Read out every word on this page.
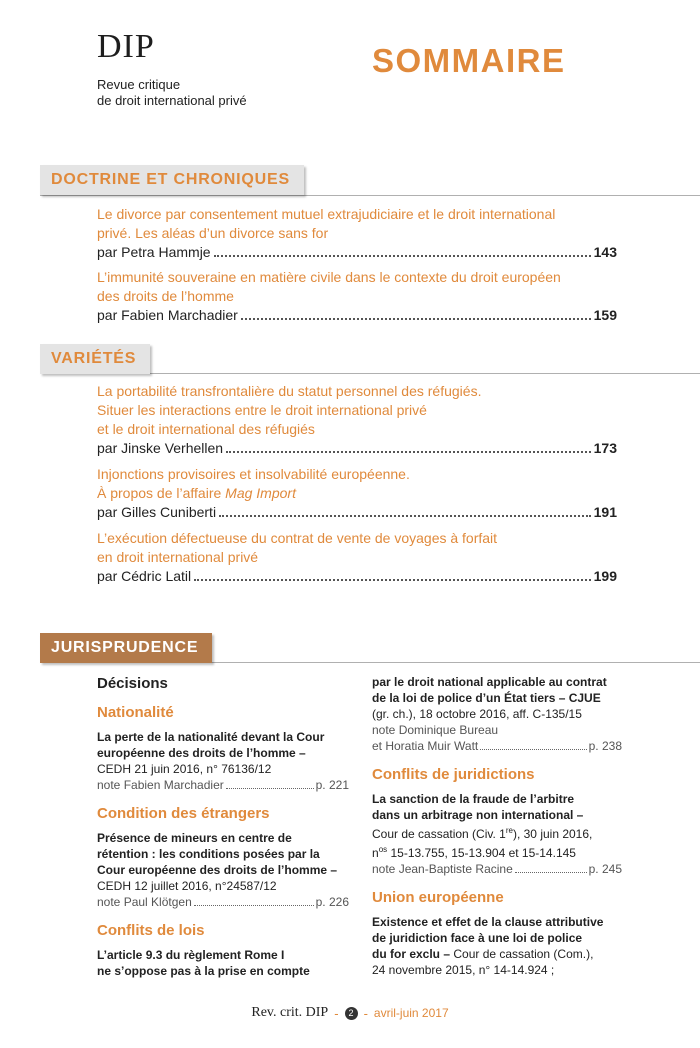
DIP
Revue critique
de droit international privé
SOMMAIRE
DOCTRINE ET CHRONIQUES
Le divorce par consentement mutuel extrajudiciaire et le droit international
privé. Les aléas d’un divorce sans for
par Petra Hammje	143
L’immunité souveraine en matière civile dans le contexte du droit européen
des droits de l’homme
par Fabien Marchadier	159
VARIÉTÉS
La portabilité transfrontalière du statut personnel des réfugiés.
Situer les interactions entre le droit international privé
et le droit international des réfugiés
par Jinske Verhellen	173
Injonctions provisoires et insolvabilité européenne.
À propos de l’affaire Mag Import
par Gilles Cuniberti	191
L’exécution défectueuse du contrat de vente de voyages à forfait
en droit international privé
par Cédric Latil	199
JURISPRUDENCE
Décisions
Nationalité
La perte de la nationalité devant la Cour
européenne des droits de l’homme –
CEDH 21 juin 2016, n° 76136/12
note Fabien Marchadier	p. 221
Condition des étrangers
Présence de mineurs en centre de
rétention : les conditions posées par la
Cour européenne des droits de l’homme –
CEDH 12 juillet 2016, n°24587/12
note Paul Klötgen	p. 226
Conflits de lois
L’article 9.3 du règlement Rome I
ne s’oppose pas à la prise en compte
par le droit national applicable au contrat
de la loi de police d’un État tiers – CJUE
(gr. ch.), 18 octobre 2016, aff. C-135/15
note Dominique Bureau
et Horatia Muir Watt	p. 238
Conflits de juridictions
La sanction de la fraude de l’arbitre
dans un arbitrage non international –
Cour de cassation (Civ. 1re), 30 juin 2016,
$n^{os}$ 15-13.755, 15-13.904 et 15-14.145
note Jean-Baptiste Racine	p. 245
Union européenne
Existence et effet de la clause attributive
de juridiction face à une loi de police
du for exclu – Cour de cassation (Com.),
24 novembre 2015, n° 14-14.924 ;
Rev. crit. DIP -	2 - avril-juin 2017
